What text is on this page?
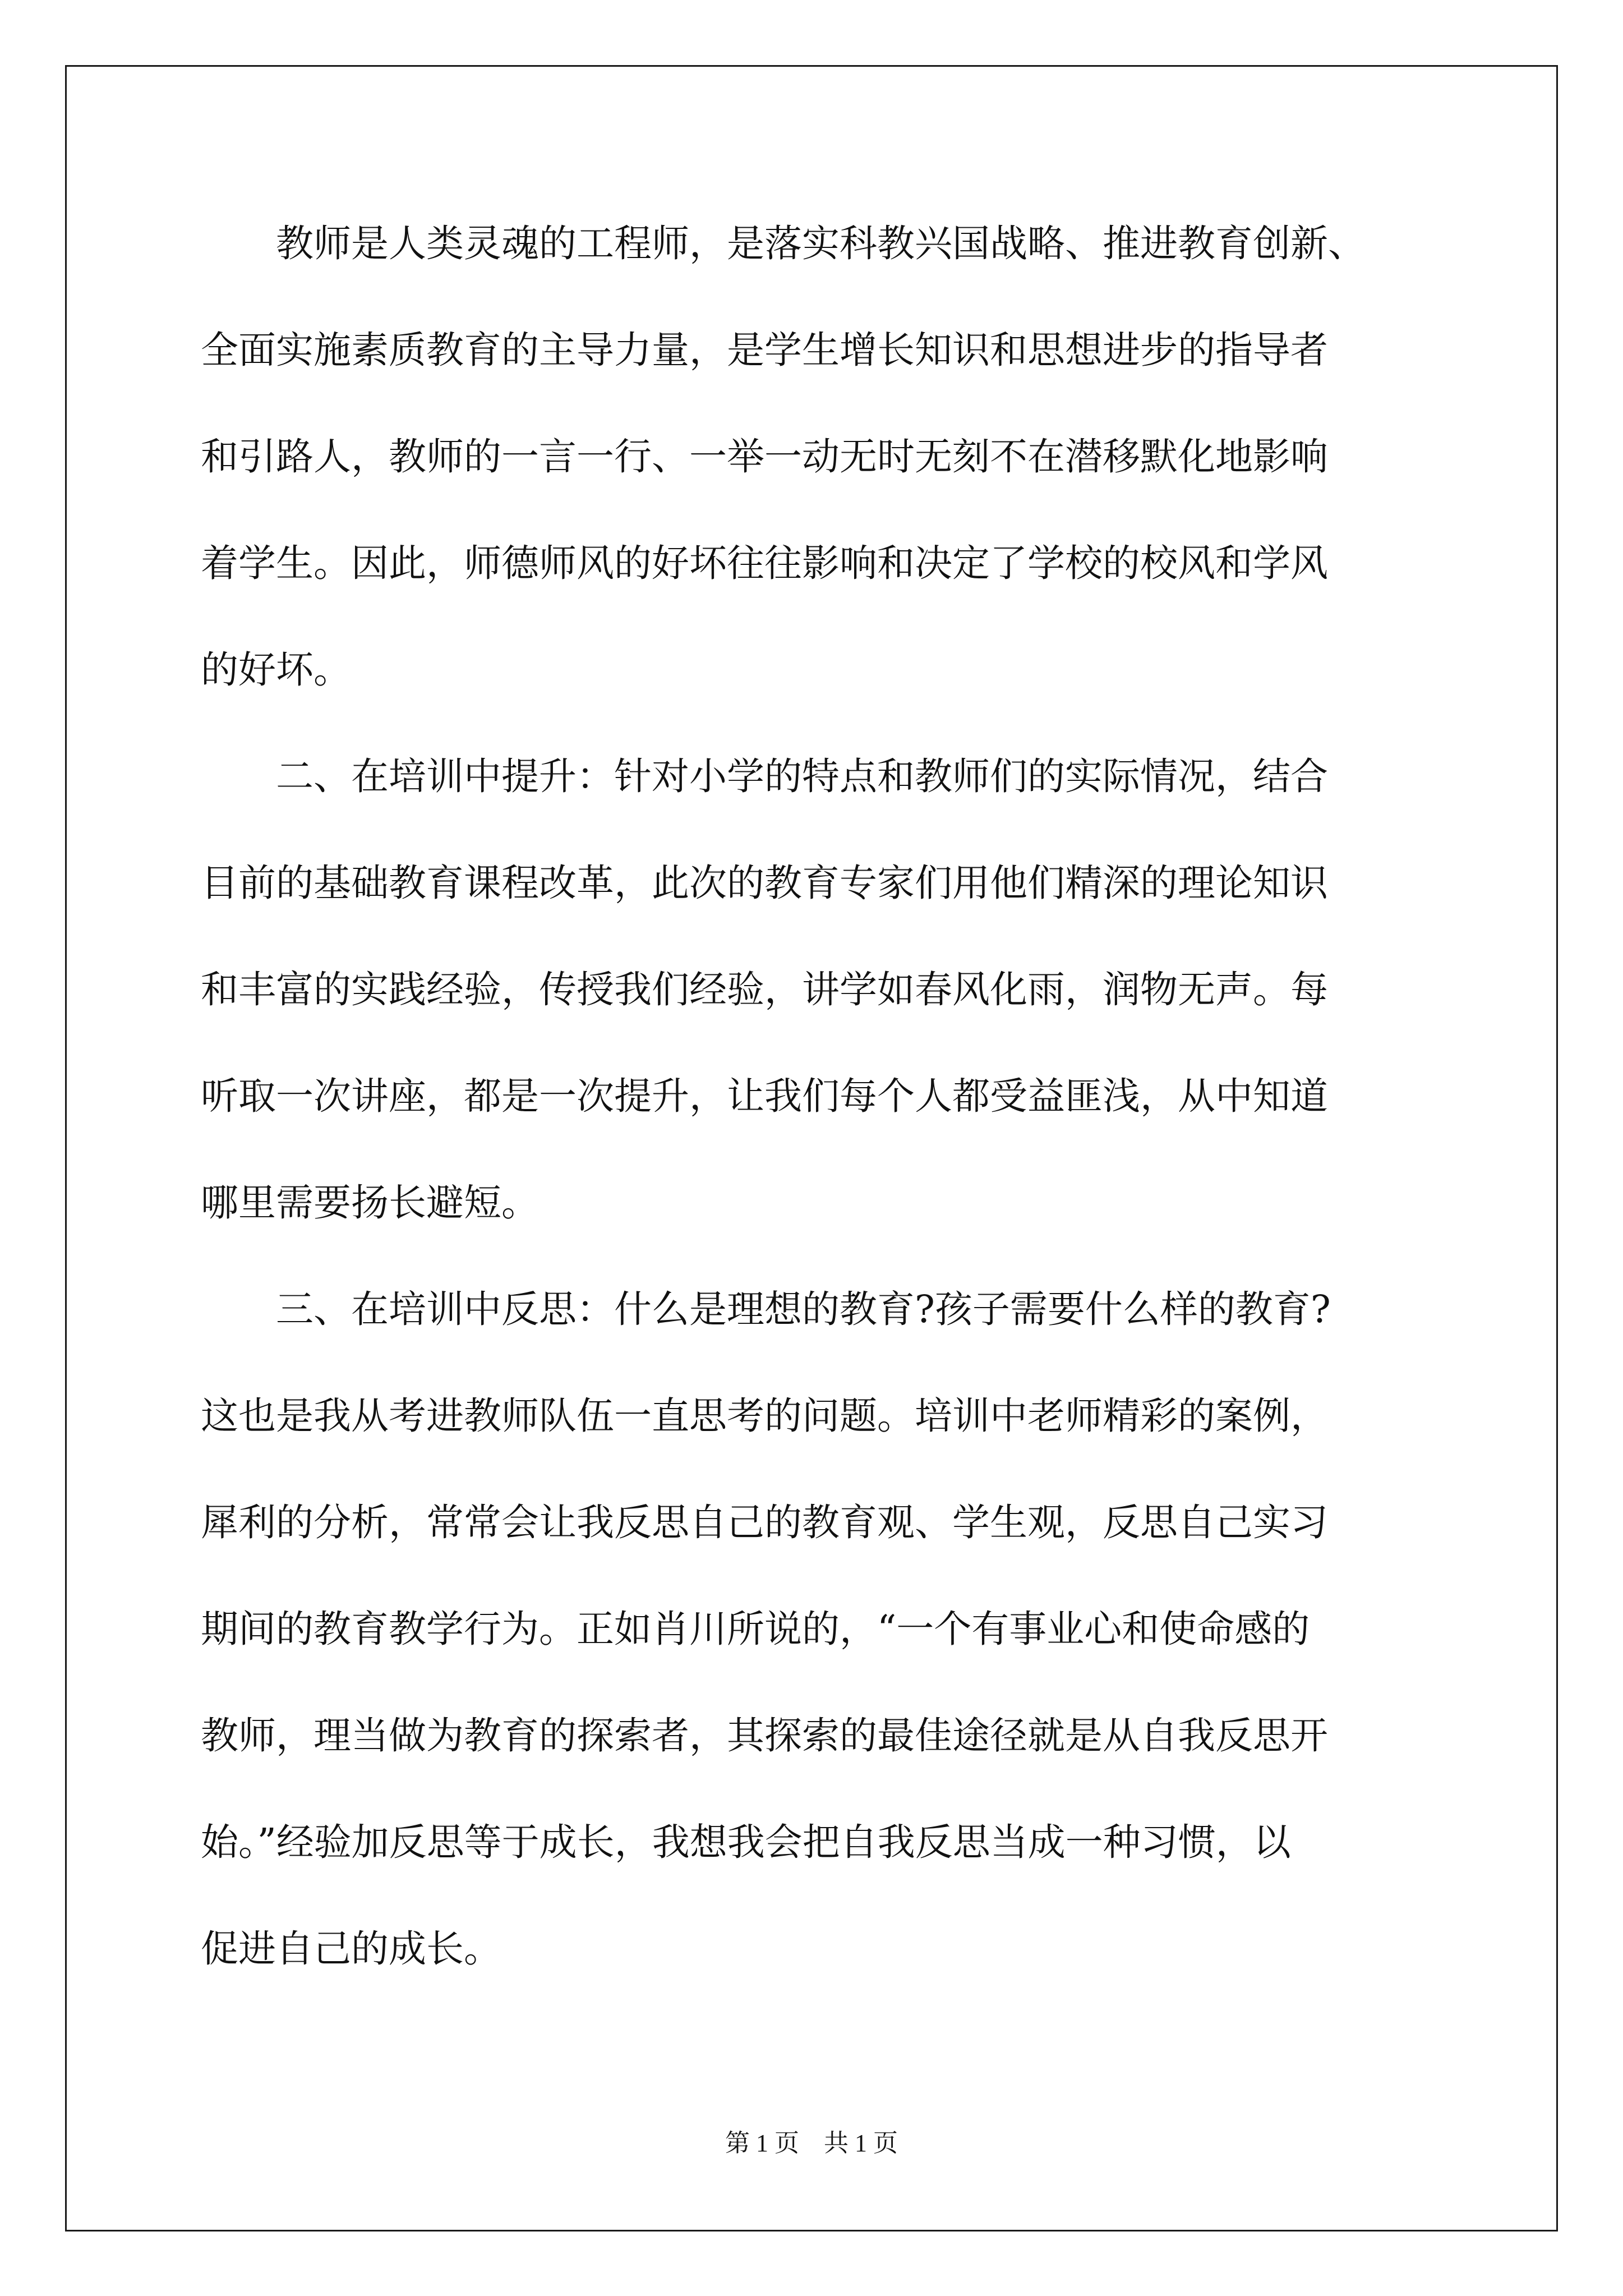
　　教师是人类灵魂的工程师，是落实科教兴国战略、推进教育创新、
全面实施素质教育的主导力量，是学生增长知识和思想进步的指导者
和引路人，教师的一言一行、一举一动无时无刻不在潜移默化地影响
着学生。因此，师德师风的好坏往往影响和决定了学校的校风和学风
的好坏。
　　二、在培训中提升：针对小学的特点和教师们的实际情况，结合
目前的基础教育课程改革，此次的教育专家们用他们精深的理论知识
和丰富的实践经验，传授我们经验，讲学如春风化雨，润物无声。每
听取一次讲座，都是一次提升，让我们每个人都受益匪浅，从中知道
哪里需要扬长避短。
　　三、在培训中反思：什么是理想的教育?孩子需要什么样的教育?
这也是我从考进教师队伍一直思考的问题。培训中老师精彩的案例，
犀利的分析，常常会让我反思自己的教育观、学生观，反思自己实习
期间的教育教学行为。正如肖川所说的，“一个有事业心和使命感的
教师，理当做为教育的探索者，其探索的最佳途径就是从自我反思开
始。”经验加反思等于成长，我想我会把自我反思当成一种习惯，以
促进自己的成长。
第 1 页　共 1 页
